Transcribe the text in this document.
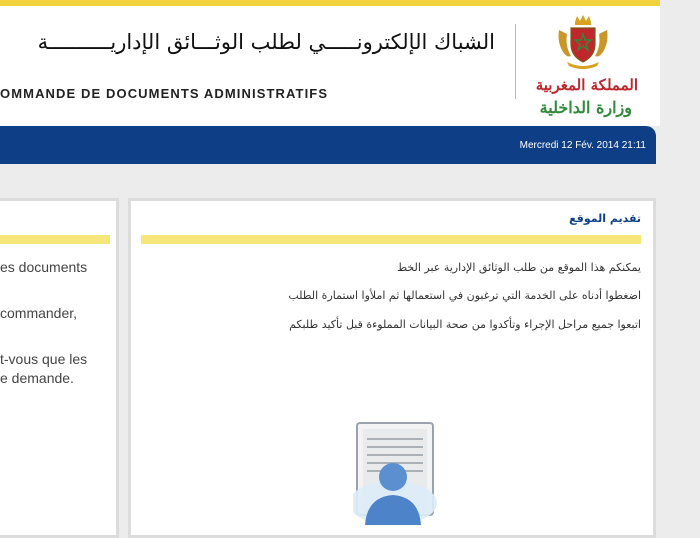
الشباك الإلكترونـــــي لطلب الوثـــائق الإداريــــــــــة
OMMANDE DE DOCUMENTS ADMINISTRATIFS	المملكة المغربية
وزارة الداخلية
Mercredi 12 Fév. 2014 21:11
es documents
commander,
t-vous que les
e demande.
تقديم الموقع
يمكنكم هذا الموقع من طلب الوثائق الإدارية عبر الخط
اضغطوا أدناه على الخدمة التي ترغبون في استعمالها ثم املأوا استمارة الطلب
اتبعوا جميع مراحل الإجراء وتأكدوا من صحة البيانات المملوءة قبل تأكيد طلبكم
